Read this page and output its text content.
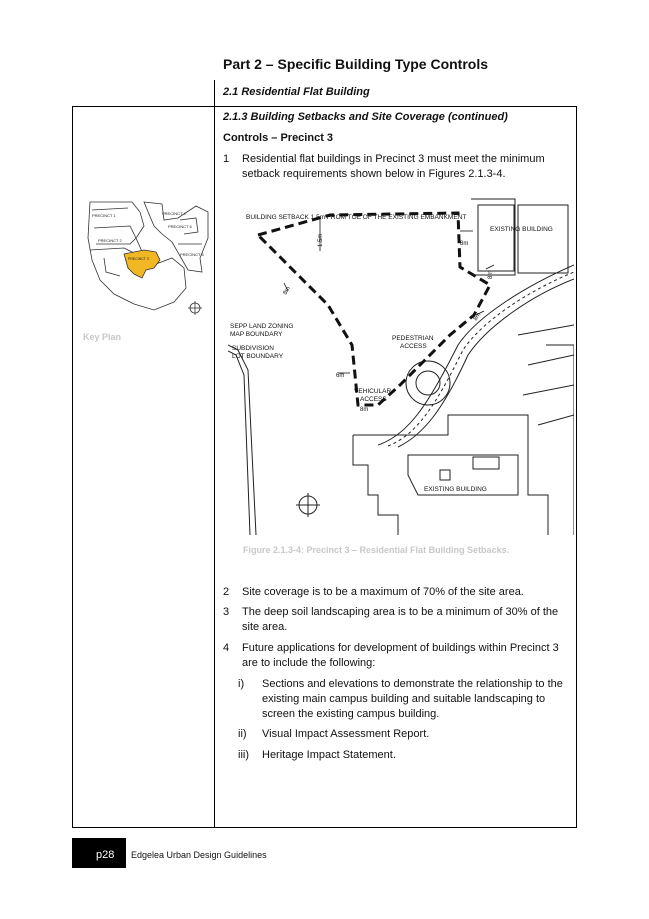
Part 2 – Specific Building Type Controls
2.1 Residential Flat Building
2.1.3 Building Setbacks and Site Coverage (continued)
Controls – Precinct 3
1 Residential flat buildings in Precinct 3 must meet the minimum
setback requirements shown below in Figures 2.1.3-4.
PRECINCT 1
PRECINCT 2
PRECINCT 3
PRECINCT 4
PRECINCT 5
PRECINCT 6
Key Plan
BUILDING SETBACK 1.5m FROM TOE OF THE EXISTING EMBANKMENT
EXISTING BUILDING
EXISTING BUILDING
SEPP LAND ZONING
MAP BOUNDARY
SUBDIVISION
LOT BOUNDARY
PEDESTRIAN
ACCESS
VEHICULAR
ACCESS
1.5m	8m
8m
8m
6m
8m
8m
Figure 2.1.3-4: Precinct 3 – Residential Flat Building Setbacks.
2 Site coverage is to be a maximum of 70% of the site area.
3 The deep soil landscaping area is to be a minimum of 30% of the
site area.
4 Future applications for development of buildings within Precinct 3
are to include the following:
i)	Sections and elevations to demonstrate the relationship to the
existing main campus building and suitable landscaping to
screen the existing campus building.
ii)	Visual Impact Assessment Report.
iii)	Heritage Impact Statement.
p28 Edgelea Urban Design Guidelines
